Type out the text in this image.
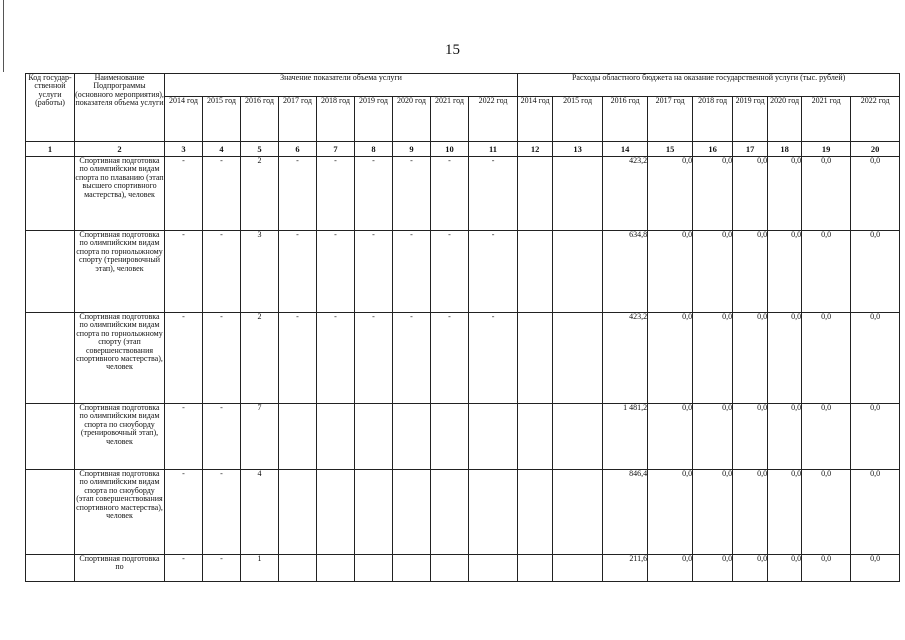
15
Код государ-ственной услуги (работы)	Наименование Подпрограммы (основного мероприятия), показателя объема услуги	Значение показатели объема услуги									Расходы областного бюджета на оказание государственной услуги (тыс. рублей)								
		2014 год	2015 год	2016 год	2017 год	2018 год	2019 год	2020 год	2021 год	2022 год	2014 год	2015 год	2016 год	2017 год	2018 год	2019 год	2020 год	2021 год	2022 год
1	2	3	4	5	6	7	8	9	10	11	12	13	14	15	16	17	18	19	20
	Спортивная подготовка по олимпийским видам спорта по плаванию (этап высшего спортивного мастерства), человек	-	-	2	-	-	-	-	-	-			423,2	0,0	0,0	0,0	0,0	0,0	0,0
	Спортивная подготовка по олимпийским видам спорта по горнолыжному спорту (тренировочный этап), человек	-	-	3	-	-	-	-	-	-			634,8	0,0	0,0	0,0	0,0	0,0	0,0
	Спортивная подготовка по олимпийским видам спорта по горнолыжному спорту (этап совершенствования спортивного мастерства), человек	-	-	2	-	-	-	-	-	-			423,2	0,0	0,0	0,0	0,0	0,0	0,0
	Спортивная подготовка по олимпийским видам спорта по сноуборду (тренировочный этап), человек	-	-	7									1 481,2	0,0	0,0	0,0	0,0	0,0	0,0
	Спортивная подготовка по олимпийским видам спорта по сноуборду (этап совершенствования спортивного мастерства), человек	-	-	4									846,4	0,0	0,0	0,0	0,0	0,0	0,0
	Спортивная подготовка по	-	-	1									211,6	0,0	0,0	0,0	0,0	0,0	0,0
